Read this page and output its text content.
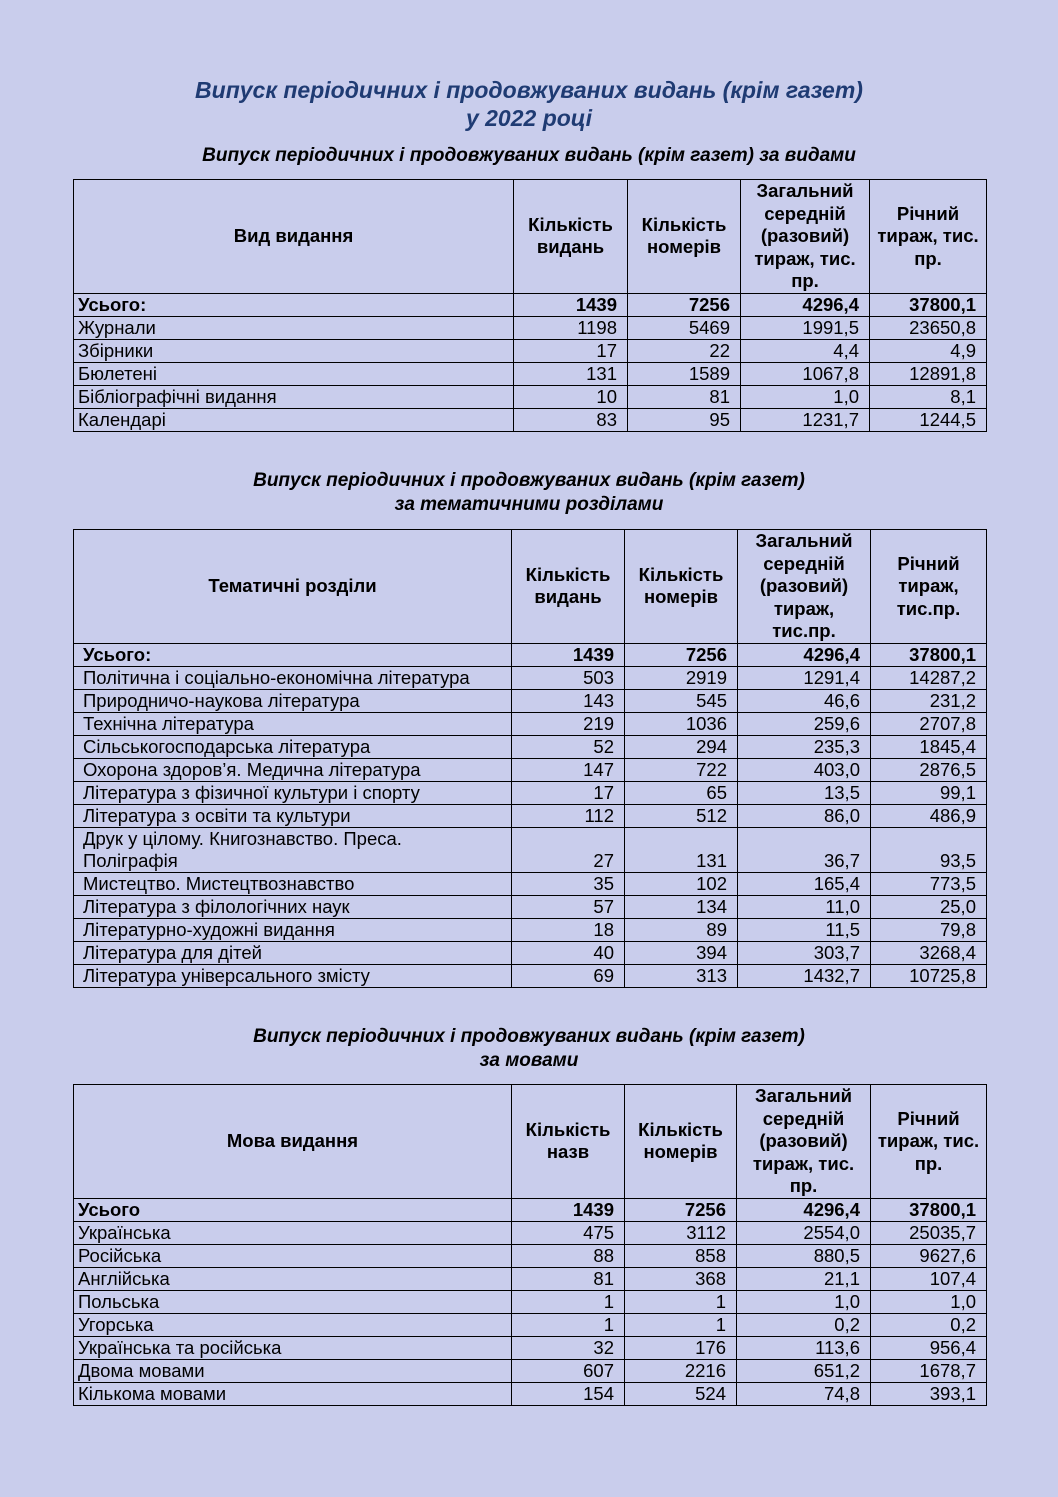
Випуск періодичних і продовжуваних видань (крім газет)
у 2022 році
Випуск періодичних і продовжуваних видань (крім газет) за видами
Вид видання	Кількість видань	Кількість номерів	Загальний середній (разовий) тираж, тис. пр.	Річний тираж, тис. пр.
Усього:	1439	7256	4296,4	37800,1
Журнали	1198	5469	1991,5	23650,8
Збірники	17	22	4,4	4,9
Бюлетені	131	1589	1067,8	12891,8
Бібліографічні видання	10	81	1,0	8,1
Календарі	83	95	1231,7	1244,5
Випуск періодичних і продовжуваних видань (крім газет)
за тематичними розділами
Тематичні розділи	Кількість видань	Кількість номерів	Загальний середній (разовий) тираж, тис.пр.	Річний тираж, тис.пр.
Усього:	1439	7256	4296,4	37800,1
Політична і соціально-економічна література	503	2919	1291,4	14287,2
Природничо-наукова література	143	545	46,6	231,2
Технічна література	219	1036	259,6	2707,8
Сільськогосподарська література	52	294	235,3	1845,4
Охорона здоров’я. Медична література	147	722	403,0	2876,5
Література з фізичної культури і спорту	17	65	13,5	99,1
Література з освіти та культури	112	512	86,0	486,9
Друк у цілому. Книгознавство. Преса. Поліграфія	27	131	36,7	93,5
Мистецтво. Мистецтвознавство	35	102	165,4	773,5
Література з філологічних наук	57	134	11,0	25,0
Літературно-художні видання	18	89	11,5	79,8
Література для дітей	40	394	303,7	3268,4
Література універсального змісту	69	313	1432,7	10725,8
Випуск періодичних і продовжуваних видань (крім газет)
за мовами
Мова видання	Кількість назв	Кількість номерів	Загальний середній (разовий) тираж, тис. пр.	Річний тираж, тис. пр.
Усього	1439	7256	4296,4	37800,1
Українська	475	3112	2554,0	25035,7
Російська	88	858	880,5	9627,6
Англійська	81	368	21,1	107,4
Польська	1	1	1,0	1,0
Угорська	1	1	0,2	0,2
Українська та російська	32	176	113,6	956,4
Двома мовами	607	2216	651,2	1678,7
Кількома мовами	154	524	74,8	393,1
